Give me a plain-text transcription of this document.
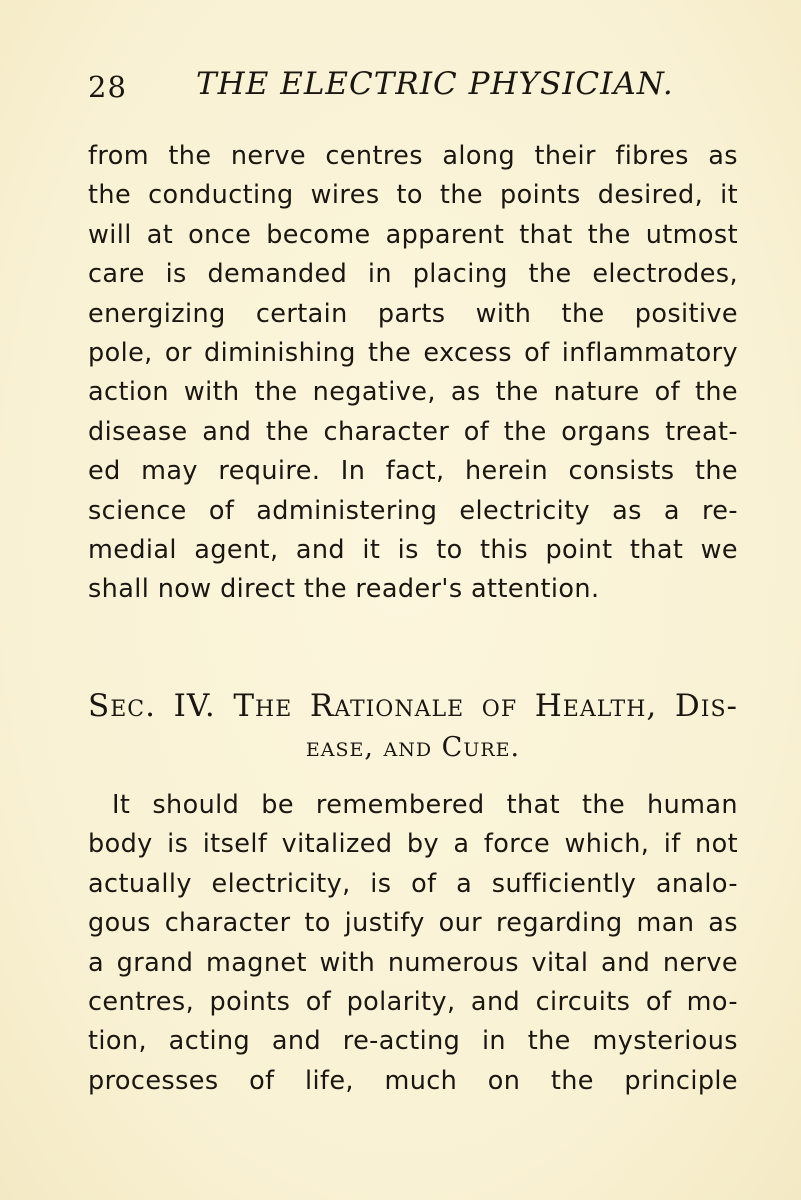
28 THE ELECTRIC PHYSICIAN.
from the nerve centres along their fibres as
the conducting wires to the points desired, it
will at once become apparent that the utmost
care is demanded in placing the electrodes,
energizing certain parts with the positive
pole, or diminishing the excess of inflammatory
action with the negative, as the nature of the
disease and the character of the organs treat-
ed may require. In fact, herein consists the
science of administering electricity as a re-
medial agent, and it is to this point that we
shall now direct the reader's attention.
Sec. IV. The Rationale of Health, Dis-
ease, and Cure.
It should be remembered that the human
body is itself vitalized by a force which, if not
actually electricity, is of a sufficiently analo-
gous character to justify our regarding man as
a grand magnet with numerous vital and nerve
centres, points of polarity, and circuits of mo-
tion, acting and re-acting in the mysterious
processes of life, much on the principle
